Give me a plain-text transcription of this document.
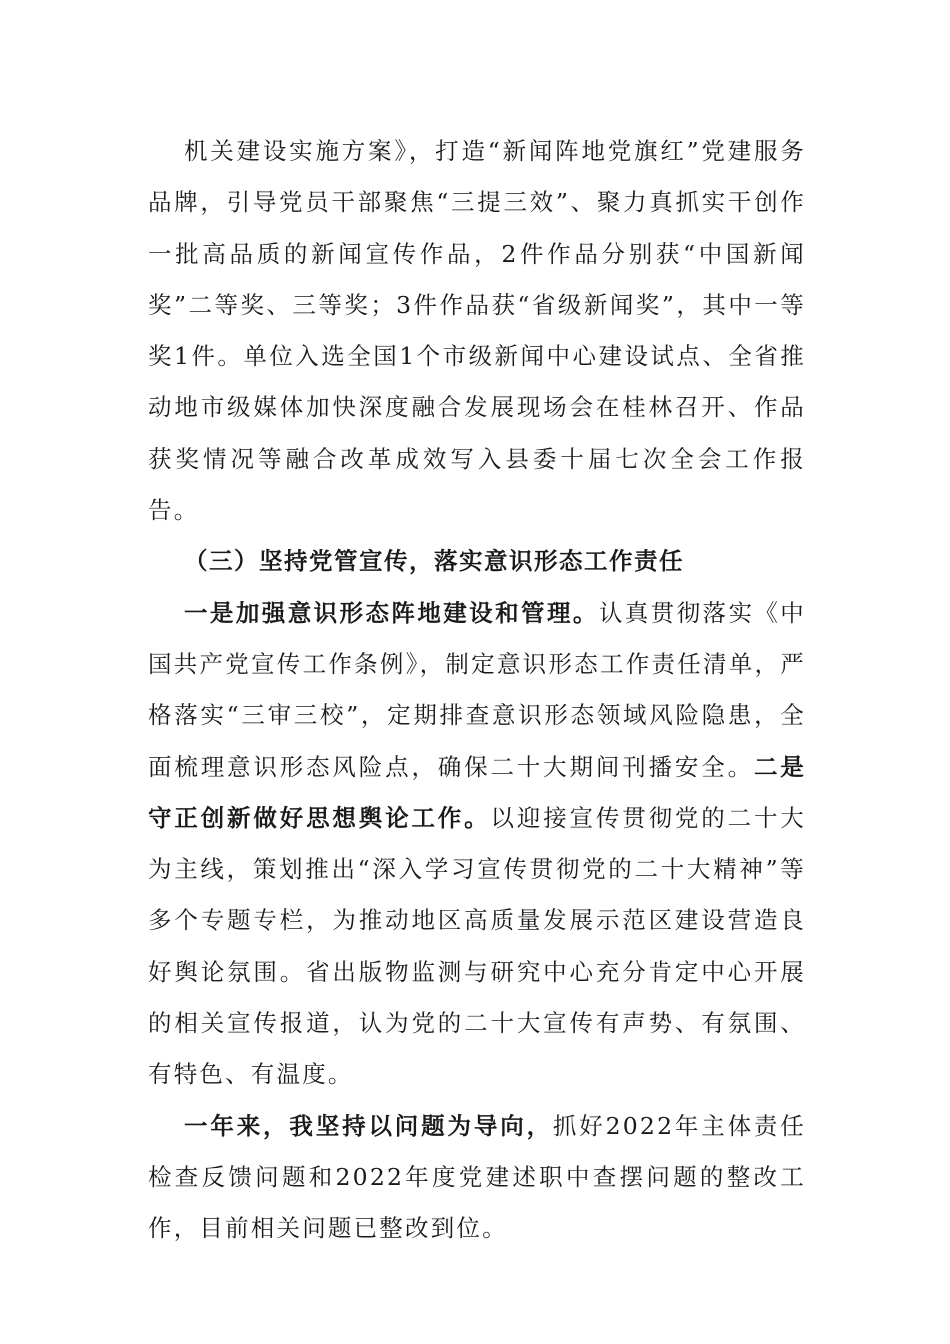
机关建设实施方案》，打造“新闻阵地党旗红”党建服务品牌，引导党员干部聚焦“三提三效”、聚力真抓实干创作一批高品质的新闻宣传作品，2件作品分别获“中国新闻奖”二等奖、三等奖；3件作品获“省级新闻奖”，其中一等奖1件。单位入选全国1个市级新闻中心建设试点、全省推动地市级媒体加快深度融合发展现场会在桂林召开、作品获奖情况等融合改革成效写入县委十届七次全会工作报告。

（三）坚持党管宣传，落实意识形态工作责任

一是加强意识形态阵地建设和管理。认真贯彻落实《中国共产党宣传工作条例》，制定意识形态工作责任清单，严格落实“三审三校”，定期排查意识形态领域风险隐患，全面梳理意识形态风险点，确保二十大期间刊播安全。二是守正创新做好思想舆论工作。以迎接宣传贯彻党的二十大为主线，策划推出“深入学习宣传贯彻党的二十大精神”等多个专题专栏，为推动地区高质量发展示范区建设营造良好舆论氛围。省出版物监测与研究中心充分肯定中心开展的相关宣传报道，认为党的二十大宣传有声势、有氛围、有特色、有温度。

一年来，我坚持以问题为导向，抓好2022年主体责任检查反馈问题和2022年度党建述职中查摆问题的整改工作，目前相关问题已整改到位。
